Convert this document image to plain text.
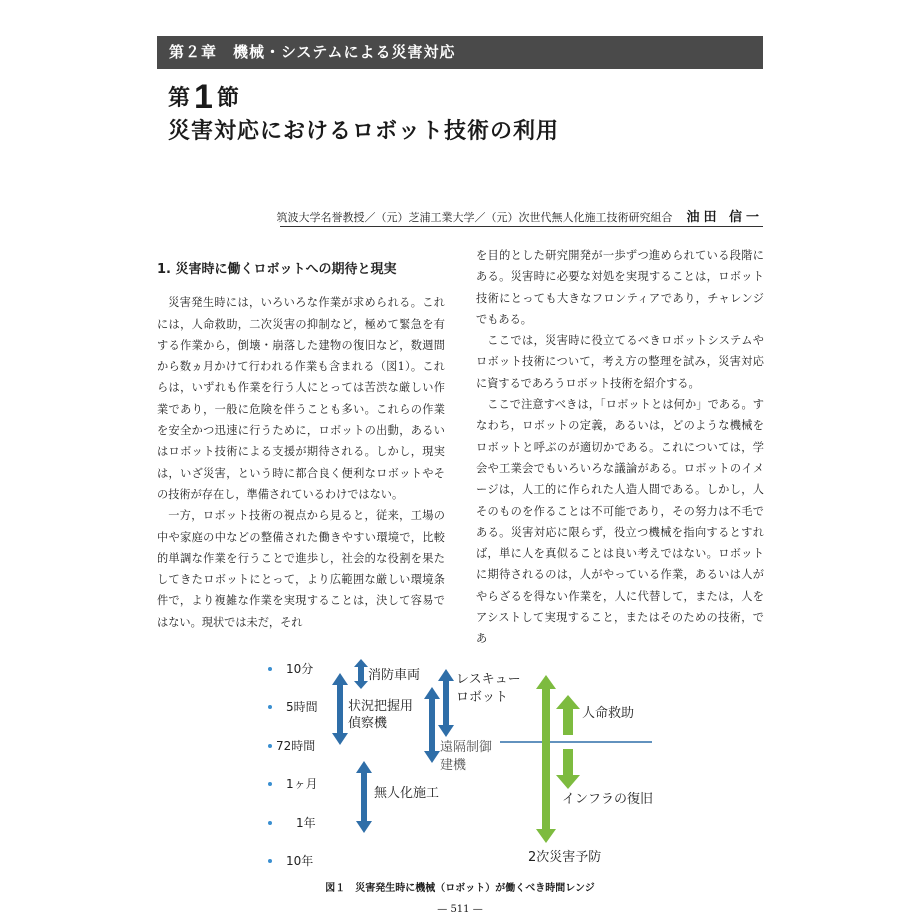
第２章　機械・システムによる災害対応
第 1 節
災害対応におけるロボット技術の利用
筑波大学名誉教授／（元）芝浦工業大学／（元）次世代無人化施工技術研究組合 油田 信一
1. 災害時に働くロボットへの期待と現実

災害発生時には，いろいろな作業が求められる。これには，人命救助，二次災害の抑制など，極めて緊急を有する作業から，倒壊・崩落した建物の復旧など，数週間から数ヵ月かけて行われる作業も含まれる（図1）。これらは，いずれも作業を行う人にとっては苦渋な厳しい作業であり，一般に危険を伴うことも多い。これらの作業を安全かつ迅速に行うために，ロボットの出動，あるいはロボット技術による支援が期待される。しかし，現実は，いざ災害，という時に都合良く便利なロボットやその技術が存在し，準備されているわけではない。

一方，ロボット技術の視点から見ると，従来，工場の中や家庭の中などの整備された働きやすい環境で，比較的単調な作業を行うことで進歩し，社会的な役割を果たしてきたロボットにとって，より広範囲な厳しい環境条件で，より複雑な作業を実現することは，決して容易ではない。現状では未だ，それ

を目的とした研究開発が一歩ずつ進められている段階にある。災害時に必要な対処を実現することは，ロボット技術にとっても大きなフロンティアであり，チャレンジでもある。

ここでは，災害時に役立てるべきロボットシステムやロボット技術について，考え方の整理を試み，災害対応に資するであろうロボット技術を紹介する。

ここで注意すべきは，「ロボットとは何か」である。すなわち，ロボットの定義，あるいは，どのような機械をロボットと呼ぶのが適切かである。これについては，学会や工業会でもいろいろな議論がある。ロボットのイメージは，人工的に作られた人造人間である。しかし，人そのものを作ることは不可能であり，その努力は不毛である。災害対応に限らず，役立つ機械を指向するとすれば，単に人を真似ることは良い考えではない。ロボットに期待されるのは，人がやっている作業，あるいは人がやらざるを得ない作業を，人に代替して，または，人をアシストして実現すること，またはそのための技術，であ

10分
5時間
72時間
1ヶ月
1年
10年
消防車両
状況把握用
偵察機
レスキュー
ロボット
遠隔制御
建機
無人化施工
2次災害予防
人命救助
インフラの復旧
図１　災害発生時に機械（ロボット）が働くべき時間レンジ
— 511 —
